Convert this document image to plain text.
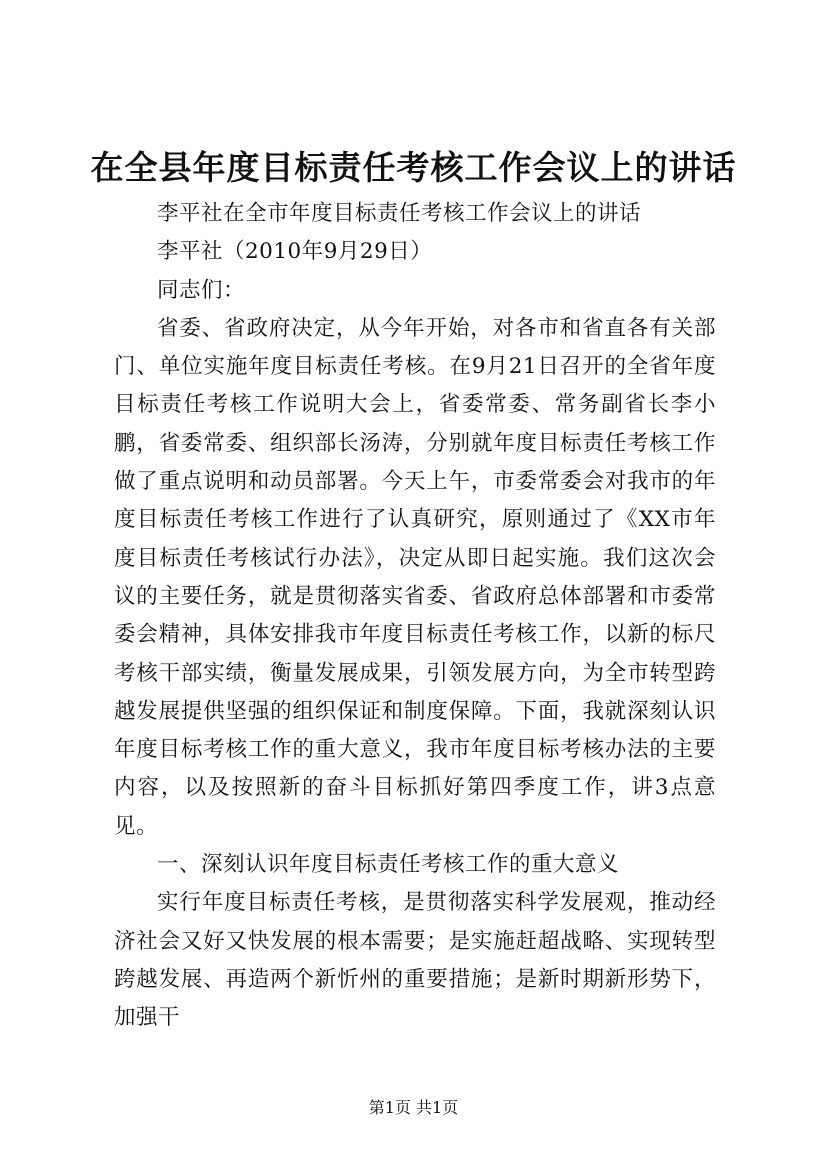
在全县年度目标责任考核工作会议上的讲话

李平社在全市年度目标责任考核工作会议上的讲话

李平社（2010年9月29日）

同志们：

省委、省政府决定，从今年开始，对各市和省直各有关部门、单位实施年度目标责任考核。在9月21日召开的全省年度目标责任考核工作说明大会上，省委常委、常务副省长李小鹏，省委常委、组织部长汤涛，分别就年度目标责任考核工作做了重点说明和动员部署。今天上午，市委常委会对我市的年度目标责任考核工作进行了认真研究，原则通过了《XX市年度目标责任考核试行办法》，决定从即日起实施。我们这次会议的主要任务，就是贯彻落实省委、省政府总体部署和市委常委会精神，具体安排我市年度目标责任考核工作，以新的标尺考核干部实绩，衡量发展成果，引领发展方向，为全市转型跨越发展提供坚强的组织保证和制度保障。下面，我就深刻认识年度目标考核工作的重大意义，我市年度目标考核办法的主要内容，以及按照新的奋斗目标抓好第四季度工作，讲3点意见。

一、深刻认识年度目标责任考核工作的重大意义

实行年度目标责任考核，是贯彻落实科学发展观，推动经济社会又好又快发展的根本需要；是实施赶超战略、实现转型跨越发展、再造两个新忻州的重要措施；是新时期新形势下，加强干

第1页 共1页
